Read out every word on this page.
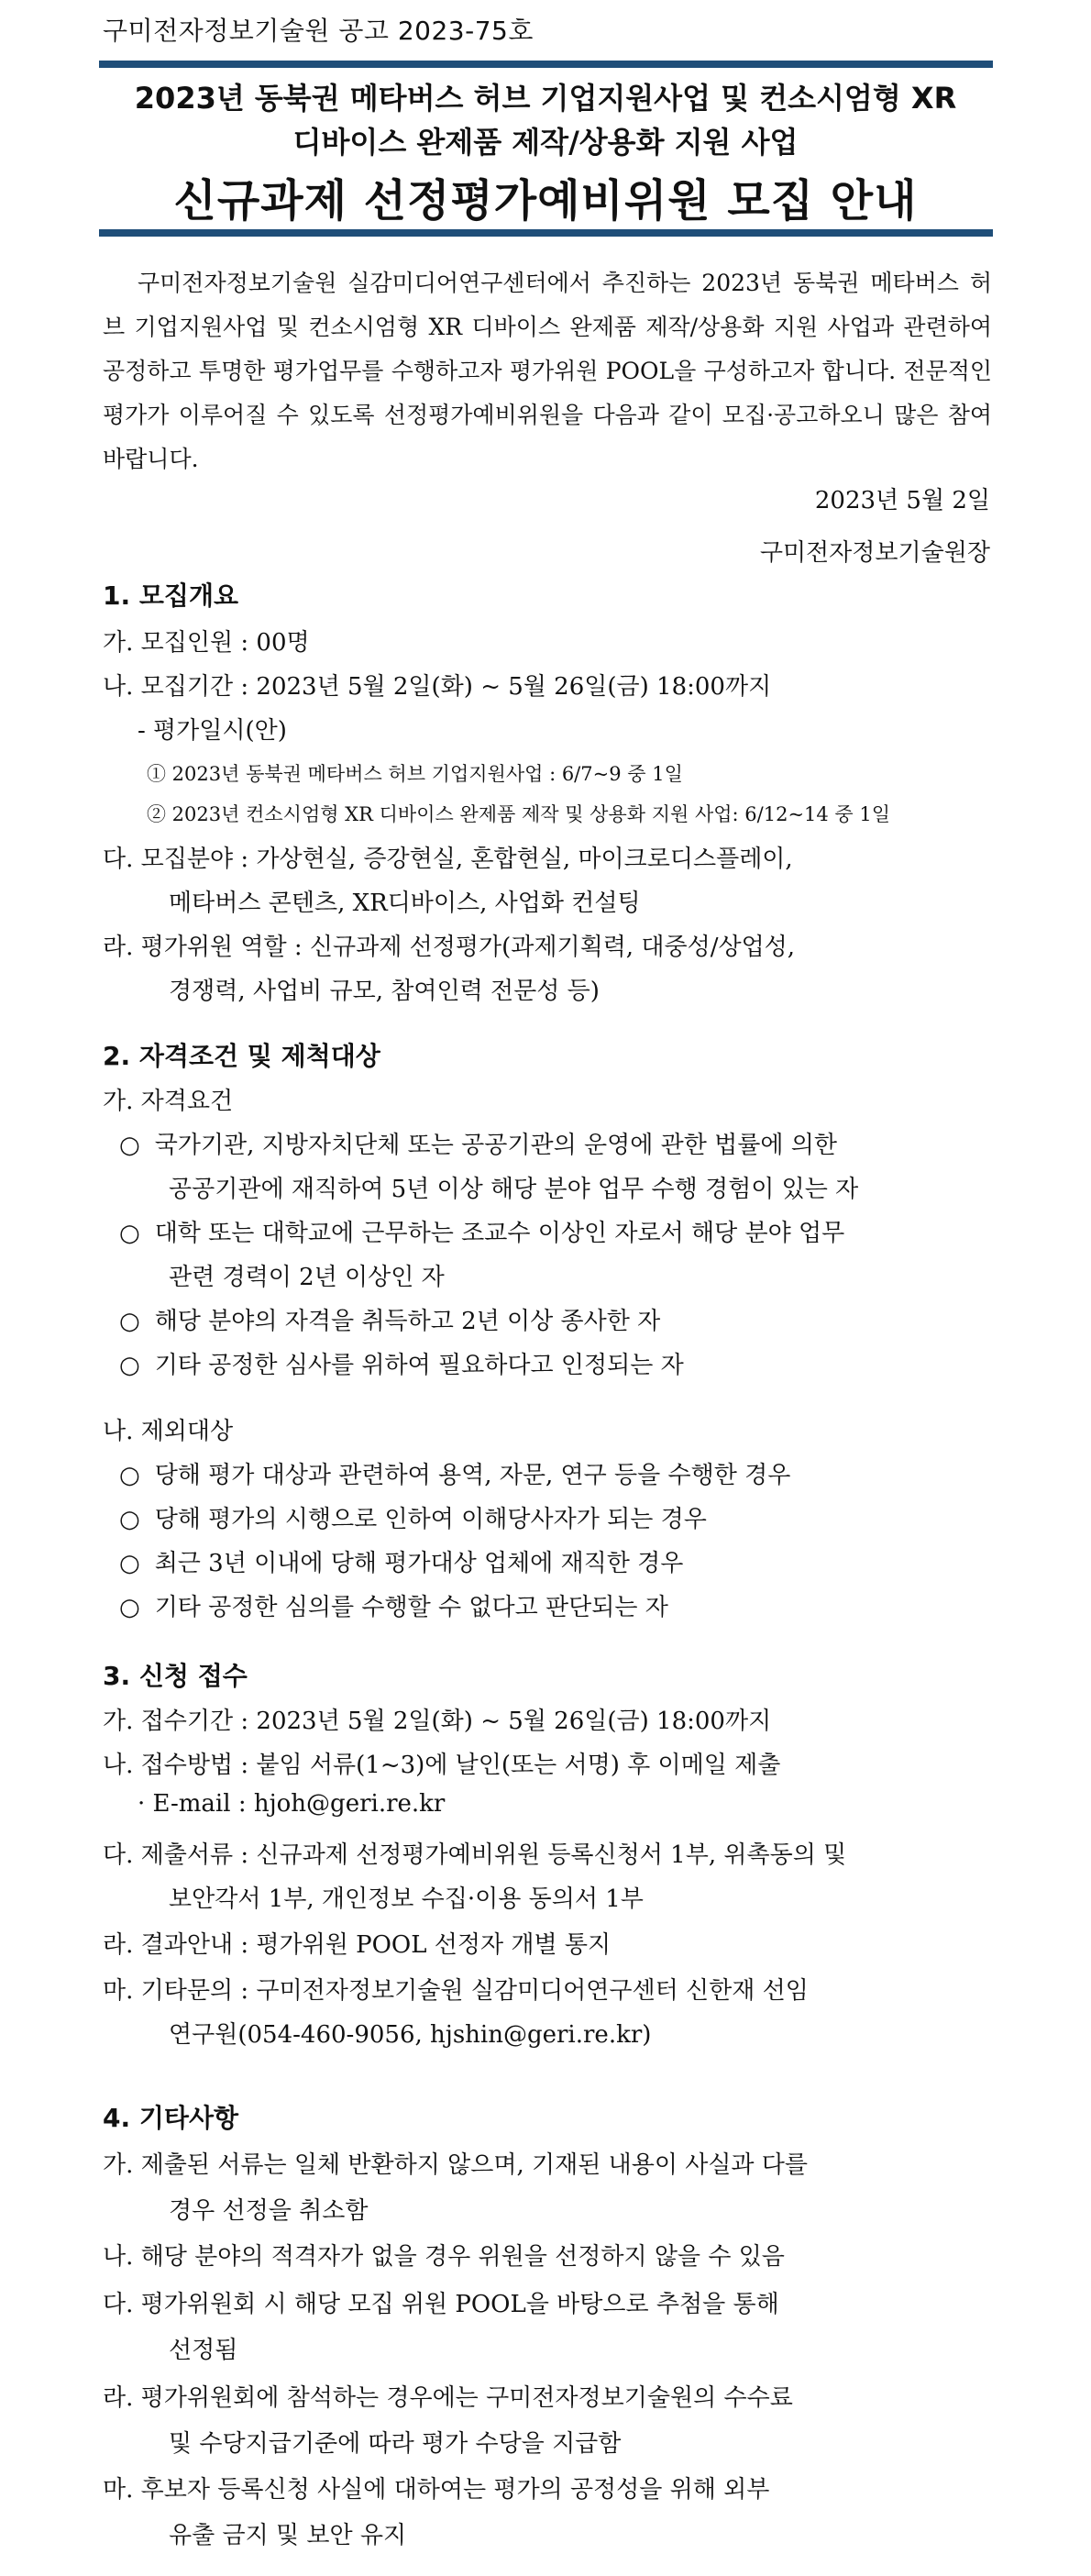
구미전자정보기술원 공고 2023-75호
2023년 동북권 메타버스 허브 기업지원사업 및 컨소시엄형 XR
디바이스 완제품 제작/상용화 지원 사업
신규과제 선정평가예비위원 모집 안내
구미전자정보기술원 실감미디어연구센터에서 추진하는 2023년 동북권 메타버스 허브 기업지원사업 및 컨소시엄형 XR 디바이스 완제품 제작/상용화 지원 사업과 관련하여 공정하고 투명한 평가업무를 수행하고자 평가위원 POOL을 구성하고자 합니다. 전문적인 평가가 이루어질 수 있도록 선정평가예비위원을 다음과 같이 모집·공고하오니 많은 참여 바랍니다.
2023년 5월 2일
구미전자정보기술원장
1. 모집개요
가. 모집인원 : 00명
나. 모집기간 : 2023년 5월 2일(화) ~ 5월 26일(금) 18:00까지
- 평가일시(안)
① 2023년 동북권 메타버스 허브 기업지원사업 : 6/7~9 중 1일
② 2023년 컨소시엄형 XR 디바이스 완제품 제작 및 상용화 지원 사업: 6/12~14 중 1일
다. 모집분야 : 가상현실, 증강현실, 혼합현실, 마이크로디스플레이,
메타버스 콘텐츠, XR디바이스, 사업화 컨설팅
라. 평가위원 역할 : 신규과제 선정평가(과제기획력, 대중성/상업성,
경쟁력, 사업비 규모, 참여인력 전문성 등)
2. 자격조건 및 제척대상
가. 자격요건
○ 국가기관, 지방자치단체 또는 공공기관의 운영에 관한 법률에 의한
공공기관에 재직하여 5년 이상 해당 분야 업무 수행 경험이 있는 자
○ 대학 또는 대학교에 근무하는 조교수 이상인 자로서 해당 분야 업무
관련 경력이 2년 이상인 자
○ 해당 분야의 자격을 취득하고 2년 이상 종사한 자
○ 기타 공정한 심사를 위하여 필요하다고 인정되는 자
나. 제외대상
○ 당해 평가 대상과 관련하여 용역, 자문, 연구 등을 수행한 경우
○ 당해 평가의 시행으로 인하여 이해당사자가 되는 경우
○ 최근 3년 이내에 당해 평가대상 업체에 재직한 경우
○ 기타 공정한 심의를 수행할 수 없다고 판단되는 자
3. 신청 접수
가. 접수기간 : 2023년 5월 2일(화) ~ 5월 26일(금) 18:00까지
나. 접수방법 : 붙임 서류(1~3)에 날인(또는 서명) 후 이메일 제출
· E-mail : hjoh@geri.re.kr
다. 제출서류 : 신규과제 선정평가예비위원 등록신청서 1부, 위촉동의 및
보안각서 1부, 개인정보 수집·이용 동의서 1부
라. 결과안내 : 평가위원 POOL 선정자 개별 통지
마. 기타문의 : 구미전자정보기술원 실감미디어연구센터 신한재 선임
연구원(054-460-9056, hjshin@geri.re.kr)
4. 기타사항
가. 제출된 서류는 일체 반환하지 않으며, 기재된 내용이 사실과 다를
경우 선정을 취소함
나. 해당 분야의 적격자가 없을 경우 위원을 선정하지 않을 수 있음
다. 평가위원회 시 해당 모집 위원 POOL을 바탕으로 추첨을 통해
선정됨
라. 평가위원회에 참석하는 경우에는 구미전자정보기술원의 수수료
및 수당지급기준에 따라 평가 수당을 지급함
마. 후보자 등록신청 사실에 대하여는 평가의 공정성을 위해 외부
유출 금지 및 보안 유지
